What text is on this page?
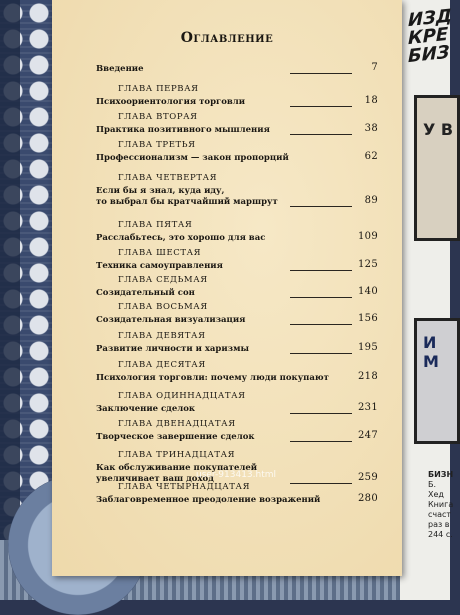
ИЗД КРЕ БИЗ
У В
И М
БИЗН
Б. Хед
Книга
счаст
раз в
244 с.
Оглавление
Введение	7
ГЛАВА ПЕРВАЯ
Психоориентология торговли	18
ГЛАВА ВТОРАЯ
Практика позитивного мышления	38
ГЛАВА ТРЕТЬЯ
Профессионализм — закон пропорций	62
ГЛАВА ЧЕТВЕРТАЯ
Если бы я знал, куда иду,
то выбрал бы кратчайший маршрут	89
ГЛАВА ПЯТАЯ
Расслабьтесь, это хорошо для вас	109
ГЛАВА ШЕСТАЯ
Техника самоуправления	125
ГЛАВА СЕДЬМАЯ
Созидательный сон	140
ГЛАВА ВОСЬМАЯ
Созидательная визуализация	156
ГЛАВА ДЕВЯТАЯ
Развитие личности и харизмы	195
ГЛАВА ДЕСЯТАЯ
Психология торговли: почему люди покупают	218
ГЛАВА ОДИННАДЦАТАЯ
Заключение сделок	231
ГЛАВА ДВЕНАДЦАТАЯ
Творческое завершение сделок	247
ГЛАВА ТРИНАДЦАТАЯ
Как обслуживание покупателей
увеличивает ваш доход	259
ГЛАВА ЧЕТЫРНАДЦАТАЯ
Заблаговременное преодоление возражений	280
user-913413.html
